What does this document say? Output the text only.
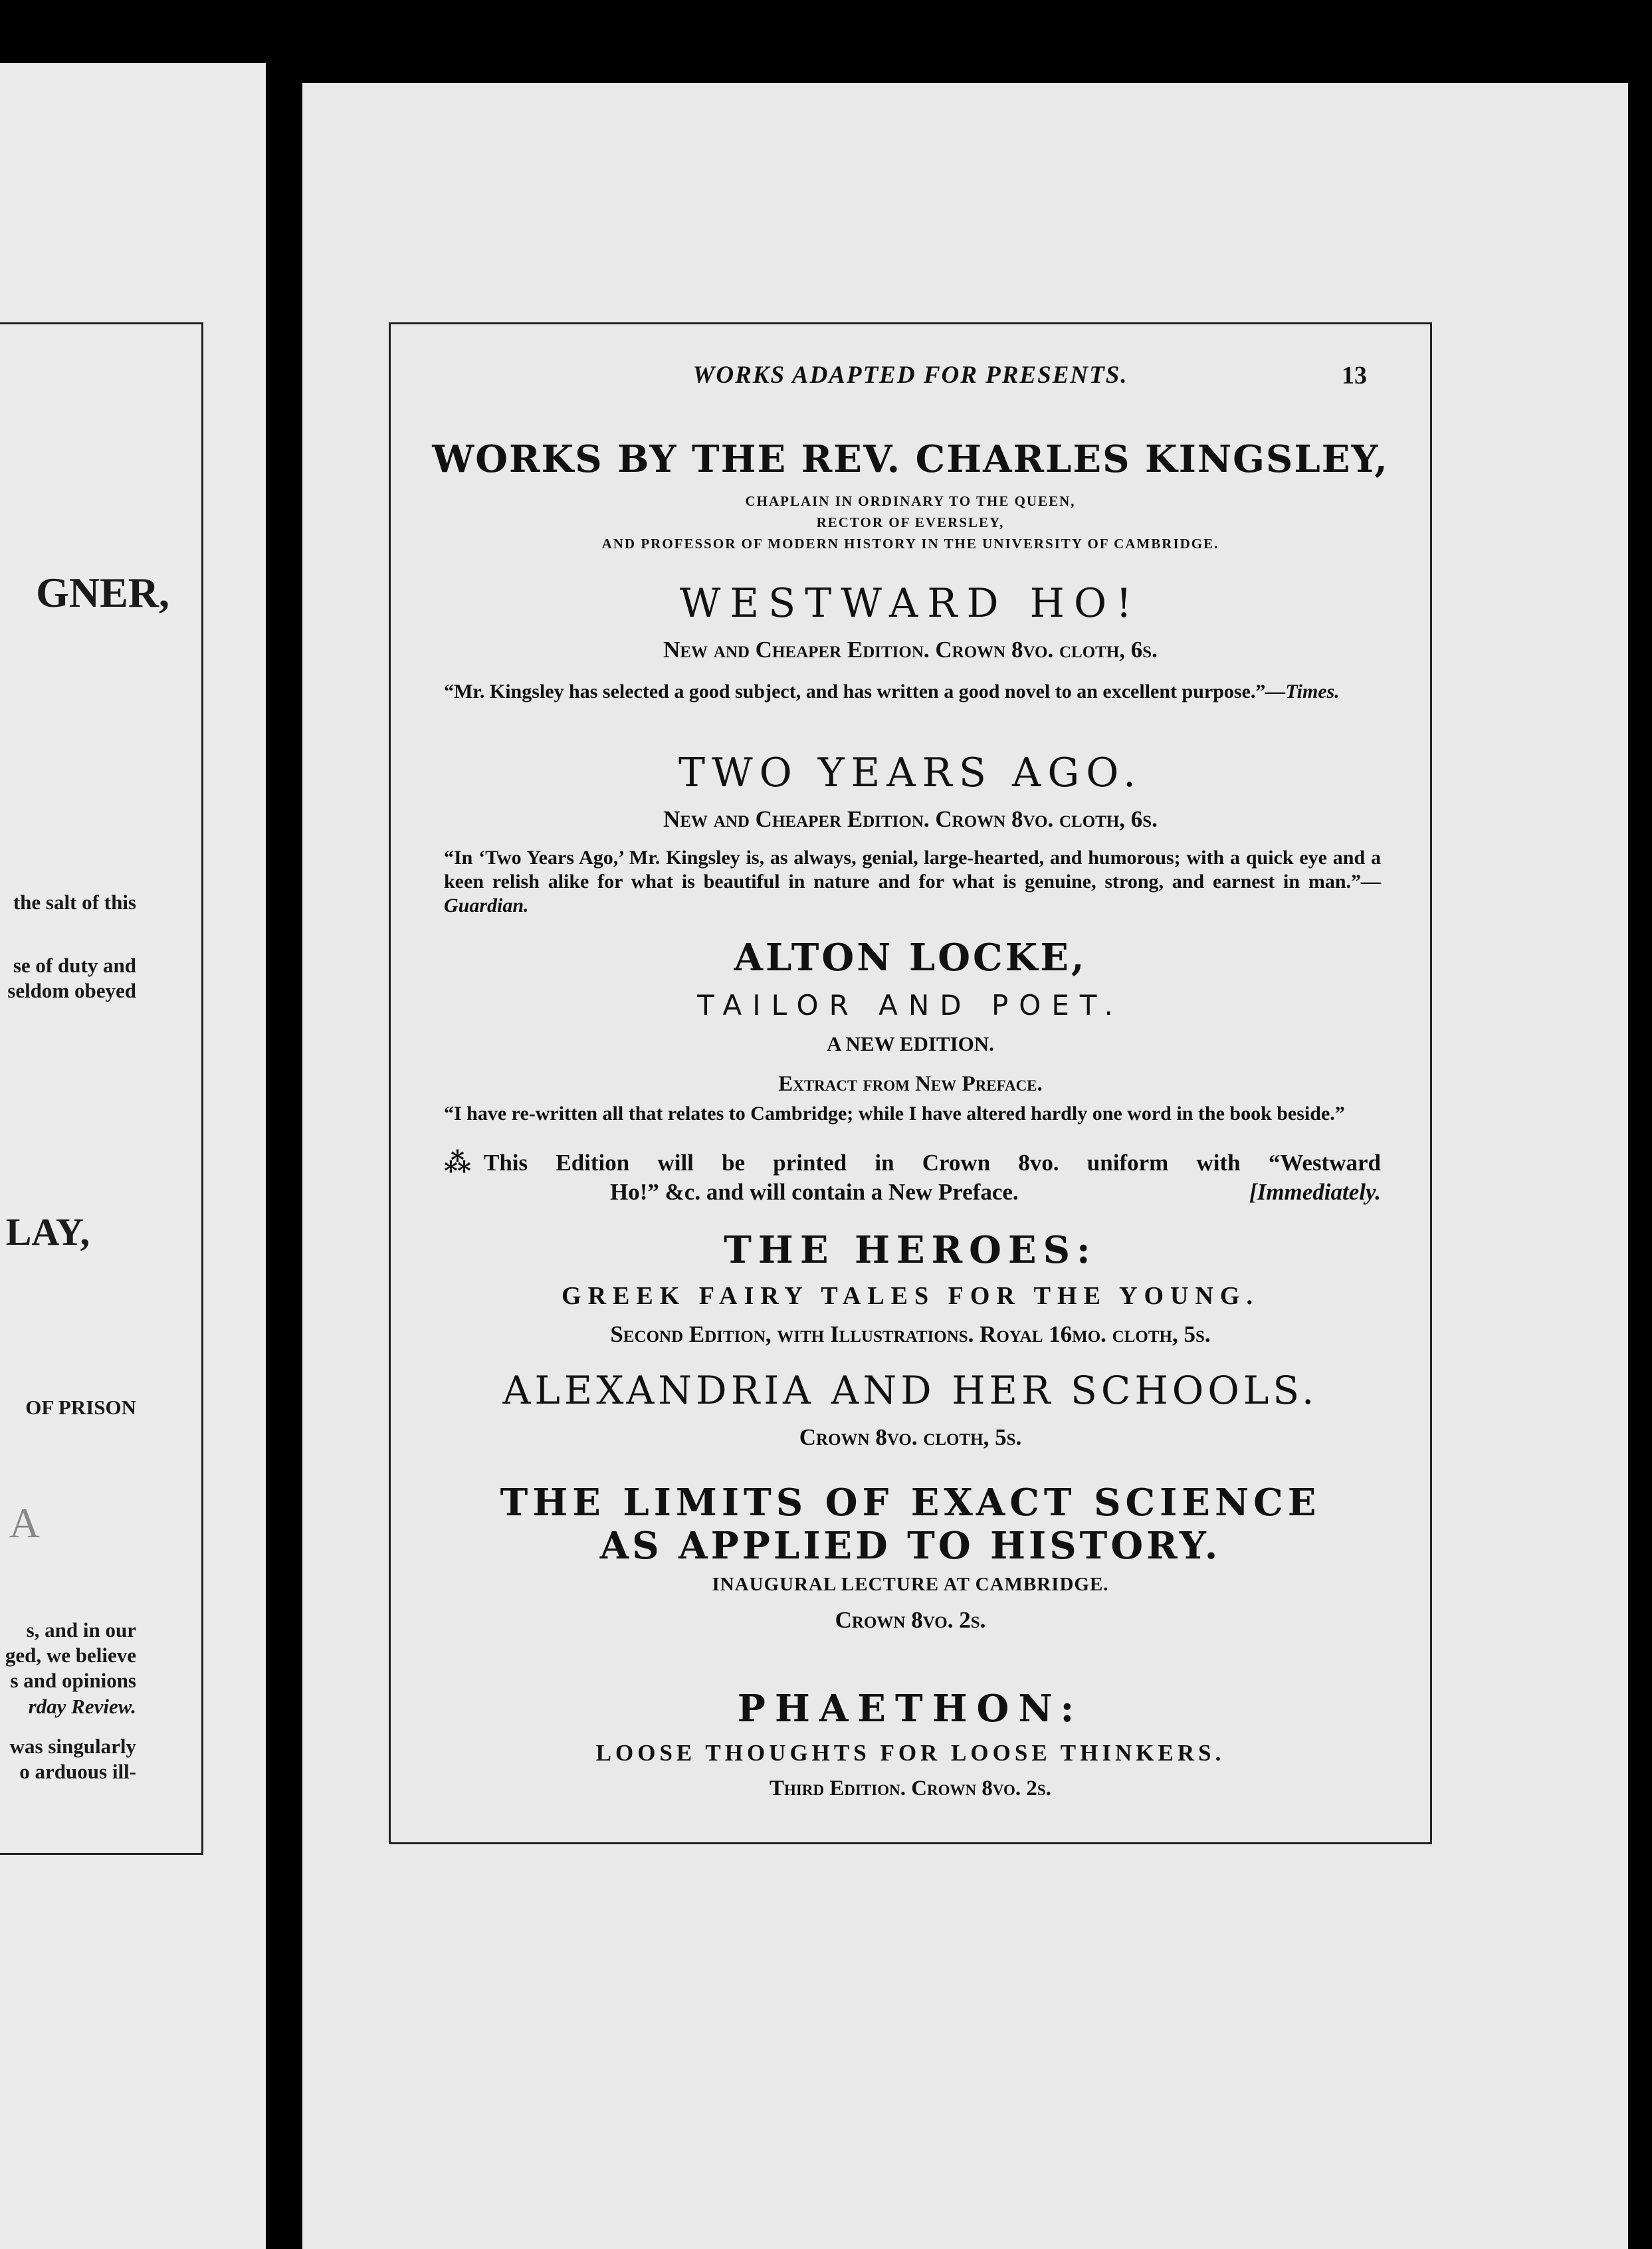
GNER,
the salt of this
se of duty and
seldom obeyed
LAY,
OF PRISON
A
s, and in our
ged, we believe
s and opinions
rday Review.
was singularly
o arduous ill-
WORKS ADAPTED FOR PRESENTS.	13
WORKS BY THE REV. CHARLES KINGSLEY,
CHAPLAIN IN ORDINARY TO THE QUEEN,
RECTOR OF EVERSLEY,
AND PROFESSOR OF MODERN HISTORY IN THE UNIVERSITY OF CAMBRIDGE.
WESTWARD HO!
New and Cheaper Edition. Crown 8vo. cloth, 6s.
“Mr. Kingsley has selected a good subject, and has written a good novel to an excellent purpose.”—Times.
TWO YEARS AGO.
New and Cheaper Edition. Crown 8vo. cloth, 6s.
“In ‘Two Years Ago,’ Mr. Kingsley is, as always, genial, large-hearted, and humorous; with a quick eye and a keen relish alike for what is beautiful in nature and for what is genuine, strong, and earnest in man.”—Guardian.
ALTON LOCKE,
TAILOR AND POET.
A NEW EDITION.
Extract from New Preface.
“I have re-written all that relates to Cambridge; while I have altered hardly one word in the book beside.”
⁂ This Edition will be printed in Crown 8vo. uniform with “Westward
Ho!” &c. and will contain a New Preface.	[Immediately.
THE HEROES:
GREEK FAIRY TALES FOR THE YOUNG.
Second Edition, with Illustrations. Royal 16mo. cloth, 5s.
ALEXANDRIA AND HER SCHOOLS.
Crown 8vo. cloth, 5s.
THE LIMITS OF EXACT SCIENCE
AS APPLIED TO HISTORY.
INAUGURAL LECTURE AT CAMBRIDGE.
Crown 8vo. 2s.
PHAETHON:
LOOSE THOUGHTS FOR LOOSE THINKERS.
Third Edition. Crown 8vo. 2s.
